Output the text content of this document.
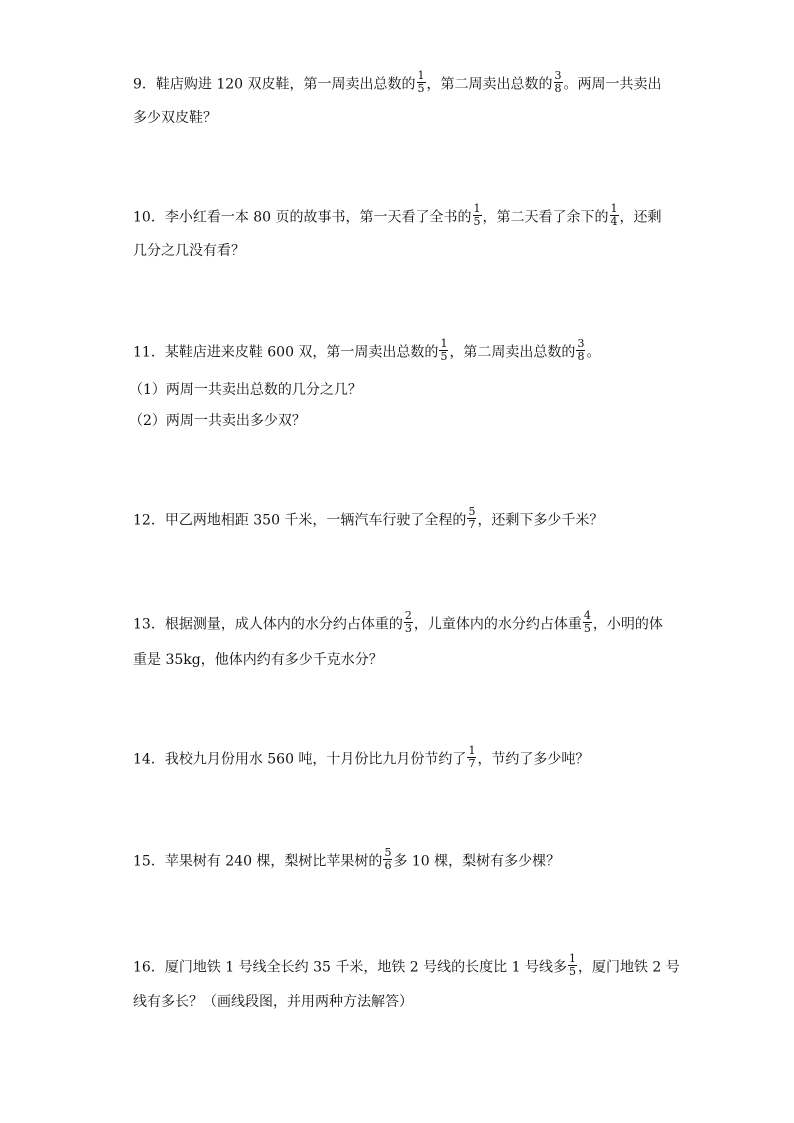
9．鞋店购进 120 双皮鞋，第一周卖出总数的 $\frac{1}{5}$ ，第二周卖出总数的 $\frac{3}{8}$ 。两周一共卖出
多少双皮鞋？
10．李小红看一本 80 页的故事书，第一天看了全书的 $\frac{1}{5}$ ，第二天看了余下的 $\frac{1}{4}$ ，还剩
几分之几没有看？
11．某鞋店进来皮鞋 600 双，第一周卖出总数的 $\frac{1}{5}$ ，第二周卖出总数的 $\frac{3}{8}$ 。
（1）两周一共卖出总数的几分之几？
（2）两周一共卖出多少双？
12．甲乙两地相距 350 千米，一辆汽车行驶了全程的 $\frac{5}{7}$ ，还剩下多少千米？
13．根据测量，成人体内的水分约占体重的 $\frac{2}{3}$ ，儿童体内的水分约占体重 $\frac{4}{5}$ ，小明的体
重是 35kg，他体内约有多少千克水分？
14．我校九月份用水 560 吨，十月份比九月份节约了 $\frac{1}{7}$ ，节约了多少吨？
15．苹果树有 240 棵，梨树比苹果树的 $\frac{5}{6}$ 多 10 棵，梨树有多少棵？
16．厦门地铁 1 号线全长约 35 千米，地铁 2 号线的长度比 1 号线多 $\frac{1}{5}$ ，厦门地铁 2 号
线有多长？（画线段图，并用两种方法解答）
